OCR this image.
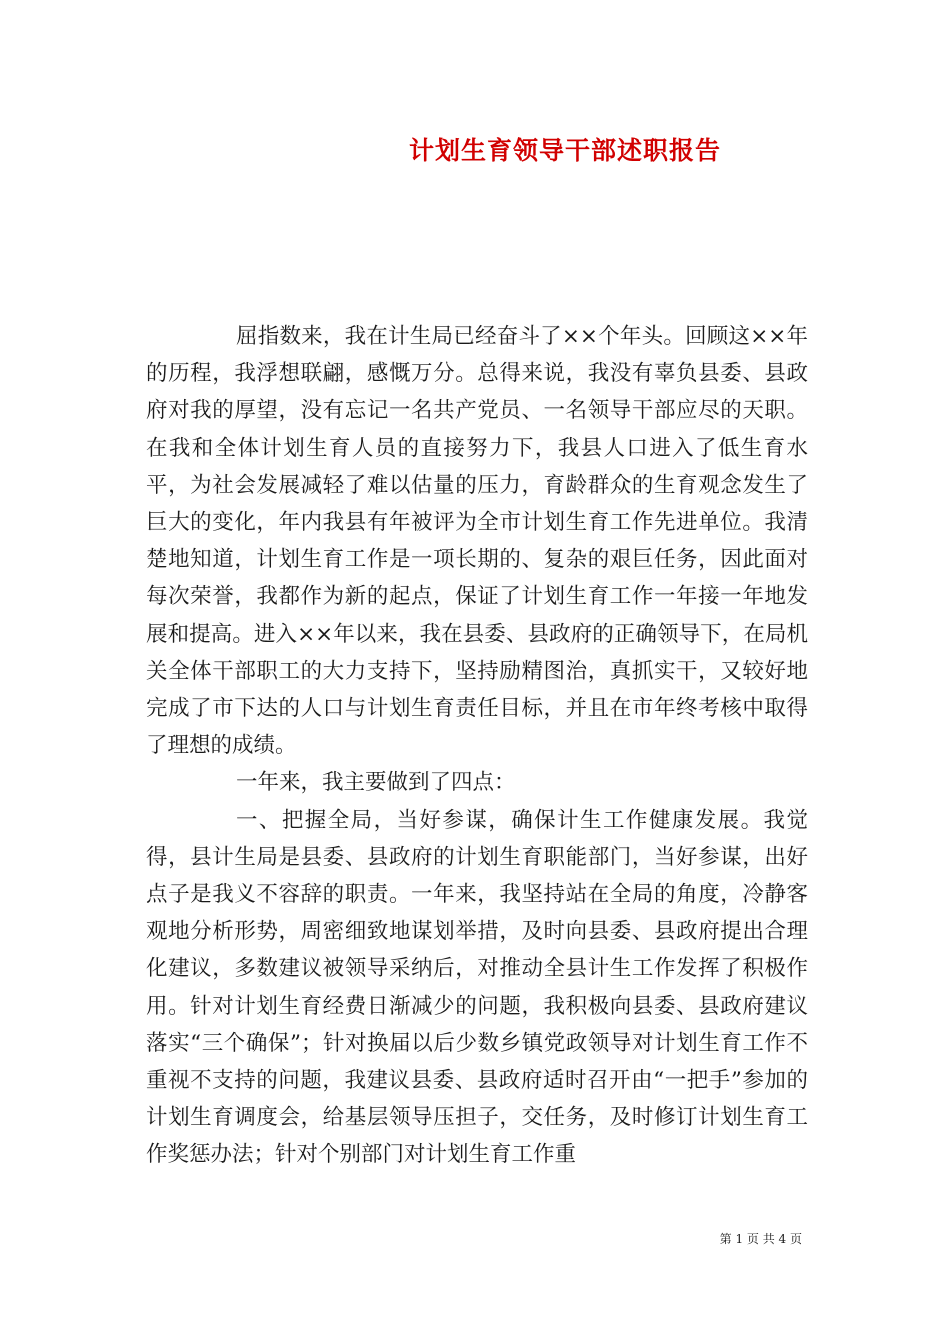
计划生育领导干部述职报告

屈指数来，我在计生局已经奋斗了××个年头。回顾这××年的历程，我浮想联翩，感慨万分。总得来说，我没有辜负县委、县政府对我的厚望，没有忘记一名共产党员、一名领导干部应尽的天职。在我和全体计划生育人员的直接努力下，我县人口进入了低生育水平，为社会发展减轻了难以估量的压力，育龄群众的生育观念发生了巨大的变化，年内我县有年被评为全市计划生育工作先进单位。我清楚地知道，计划生育工作是一项长期的、复杂的艰巨任务，因此面对每次荣誉，我都作为新的起点，保证了计划生育工作一年接一年地发展和提高。进入××年以来，我在县委、县政府的正确领导下，在局机关全体干部职工的大力支持下，坚持励精图治，真抓实干，又较好地完成了市下达的人口与计划生育责任目标，并且在市年终考核中取得了理想的成绩。

一年来，我主要做到了四点：

一、把握全局，当好参谋，确保计生工作健康发展。我觉得，县计生局是县委、县政府的计划生育职能部门，当好参谋，出好点子是我义不容辞的职责。一年来，我坚持站在全局的角度，冷静客观地分析形势，周密细致地谋划举措，及时向县委、县政府提出合理化建议，多数建议被领导采纳后，对推动全县计生工作发挥了积极作用。针对计划生育经费日渐减少的问题，我积极向县委、县政府建议落实“三个确保”；针对换届以后少数乡镇党政领导对计划生育工作不重视不支持的问题，我建议县委、县政府适时召开由“一把手”参加的计划生育调度会，给基层领导压担子，交任务，及时修订计划生育工作奖惩办法；针对个别部门对计划生育工作重

第 1 页 共 4 页
